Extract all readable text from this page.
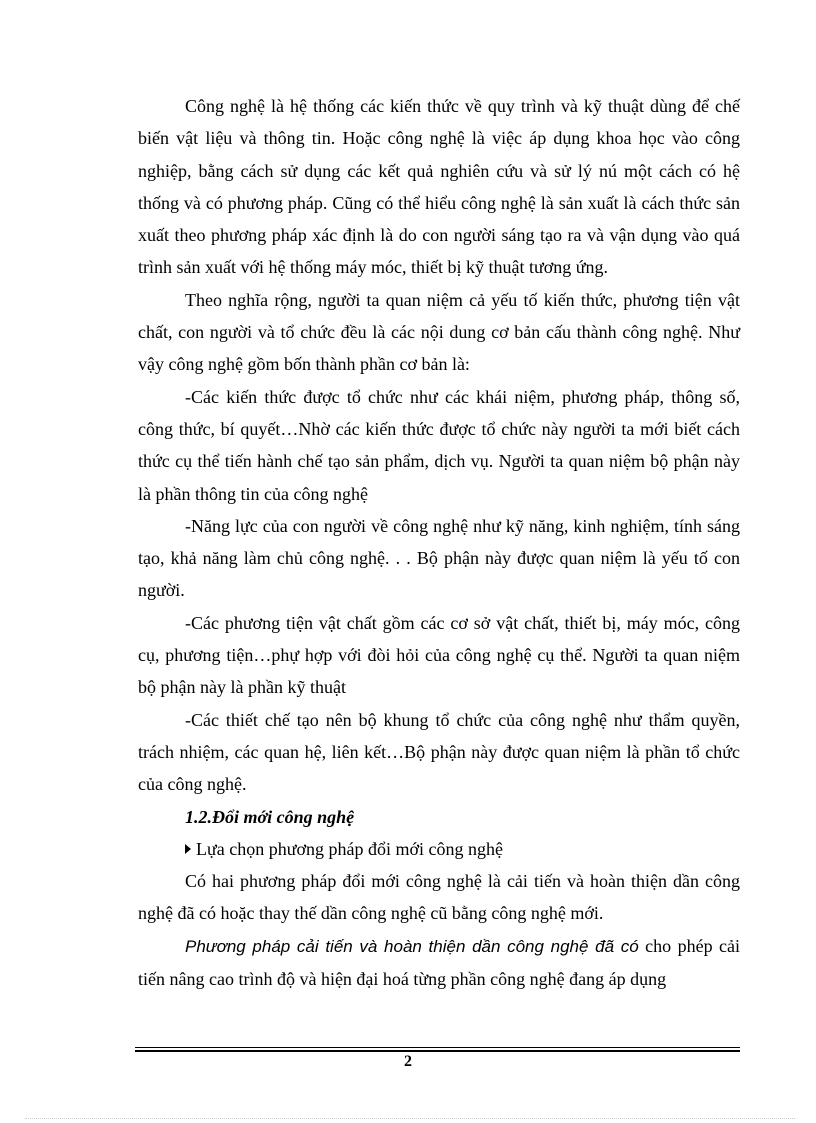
Công nghệ là hệ thống các kiến thức về quy trình và kỹ thuật dùng để chế biến vật liệu và thông tin. Hoặc công nghệ là việc áp dụng khoa học vào công nghiệp, bằng cách sử dụng các kết quả nghiên cứu và sử lý nú một cách có hệ thống và có phương pháp. Cũng có thể hiểu công nghệ là sản xuất là cách thức sản xuất theo phương pháp xác định là do con người sáng tạo ra và vận dụng vào quá trình sản xuất với hệ thống máy móc, thiết bị kỹ thuật tương ứng.

Theo nghĩa rộng, người ta quan niệm cả yếu tố kiến thức, phương tiện vật chất, con người và tổ chức đều là các nội dung cơ bản cấu thành công nghệ. Như vậy công nghệ gồm bốn thành phần cơ bản là:

-Các kiến thức được tổ chức như các khái niệm, phương pháp, thông số, công thức, bí quyết…Nhờ các kiến thức được tổ chức này người ta mới biết cách thức cụ thể tiến hành chế tạo sản phẩm, dịch vụ. Người ta quan niệm bộ phận này là phần thông tin của công nghệ

-Năng lực của con người về công nghệ như kỹ năng, kinh nghiệm, tính sáng tạo, khả năng làm chủ công nghệ. . . Bộ phận này được quan niệm là yếu tố con người.

-Các phương tiện vật chất gồm các cơ sở vật chất, thiết bị, máy móc, công cụ, phương tiện…phự hợp với đòi hỏi của công nghệ cụ thể. Người ta quan niệm bộ phận này là phần kỹ thuật

-Các thiết chế tạo nên bộ khung tổ chức của công nghệ như thẩm quyền, trách nhiệm, các quan hệ, liên kết…Bộ phận này được quan niệm là phần tổ chức của công nghệ.

1.2.Đổi mới công nghệ

Lựa chọn phương pháp đổi mới công nghệ

Có hai phương pháp đổi mới công nghệ là cải tiến và hoàn thiện dần công nghệ đã có hoặc thay thế dần công nghệ cũ bằng công nghệ mới.

Phương pháp cải tiến và hoàn thiện dần công nghệ đã có cho phép cải tiến nâng cao trình độ và hiện đại hoá từng phần công nghệ đang áp dụng

2
